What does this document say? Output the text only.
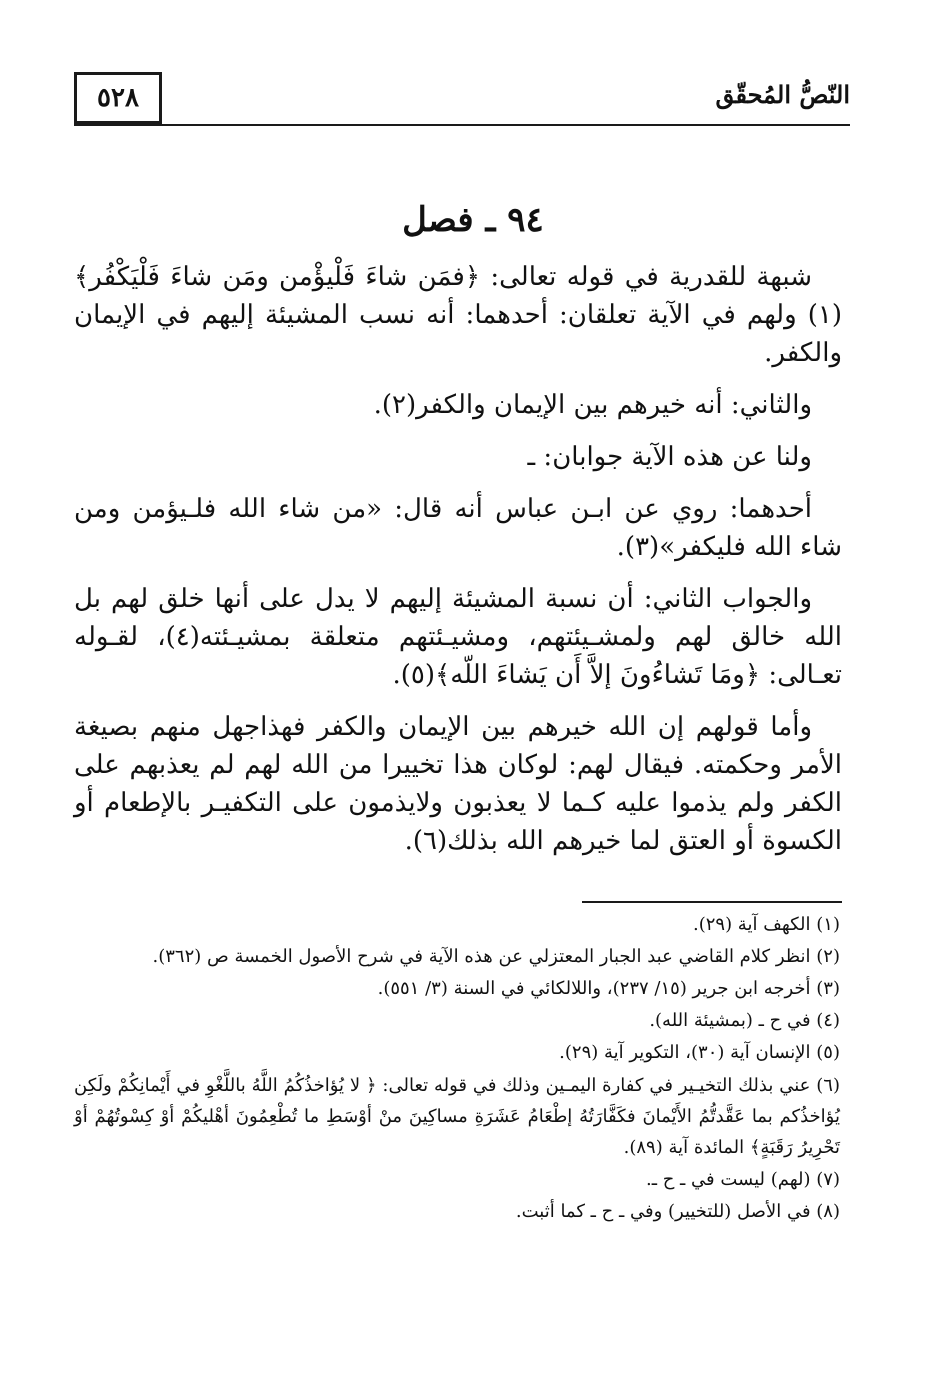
٥٢٨	النّصُّ المُحقّق
٩٤ ـ فصل

شبهة للقدرية في قوله تعالى: ﴿فمَن شاءَ فَلْيؤْمن ومَن شاءَ فَلْيَكْفُر﴾(١) ولهم في الآية تعلقان: أحدهما: أنه نسب المشيئة إليهم في الإيمان والكفر.

والثاني: أنه خيرهم بين الإيمان والكفر(٢).

ولنا عن هذه الآية جوابان: ـ

أحدهما: روي عن ابـن عباس أنه قال: «من شاء الله فلـيؤمن ومن شاء الله فليكفر»(٣).

والجواب الثاني: أن نسبة المشيئة إليهم لا يدل على أنها خلق لهم بل الله خالق لهم ولمشـيئتهم، ومشيـئتهم متعلقة بمشيـئته(٤)، لقـوله تعـالى: ﴿ومَا تَشاءُونَ إلاَّ أَن يَشاءَ اللّه﴾(٥).

وأما قولهم إن الله خيرهم بين الإيمان والكفر فهذاجهل منهم بصيغة الأمر وحكمته. فيقال لهم: لوكان هذا تخييرا من الله لهم لم يعذبهم على الكفر ولم يذموا عليه كـما لا يعذبون ولايذمون على التكفيـر بالإطعام أو الكسوة أو العتق لما خيرهم الله بذلك(٦).

(١) الكهف آية (٢٩).
(٢) انظر كلام القاضي عبد الجبار المعتزلي عن هذه الآية في شرح الأصول الخمسة ص (٣٦٢).
(٣) أخرجه ابن جرير (١٥/ ٢٣٧)، واللالكائي في السنة (٣/ ٥٥١).
(٤) في ح ـ (بمشيئة الله).
(٥) الإنسان آية (٣٠)، التكوير آية (٢٩).
(٦) عني بذلك التخيـير في كفارة اليمـين وذلك في قوله تعالى: ﴿ لا يُؤاخذُكُمُ اللَّهُ باللَّغْوِ في أَيْمانِكُمْ ولَكِن يُؤاخذُكم بما عَقَّدتُّمُ الأَيْمانَ فكَفَّارَتُهُ إطْعَامُ عَشَرَةِ مساكِينَ منْ أوْسَطِ ما تُطْعِمُونَ أهْليكُمْ أوْ كِسْوتُهُمْ أوْ تَحْرِيرُ رَقَبَةٍ﴾ المائدة آية (٨٩).
(٧) (لهم) ليست في ـ ح ـ.
(٨) في الأصل (للتخيير) وفي ـ ح ـ كما أثبت.
